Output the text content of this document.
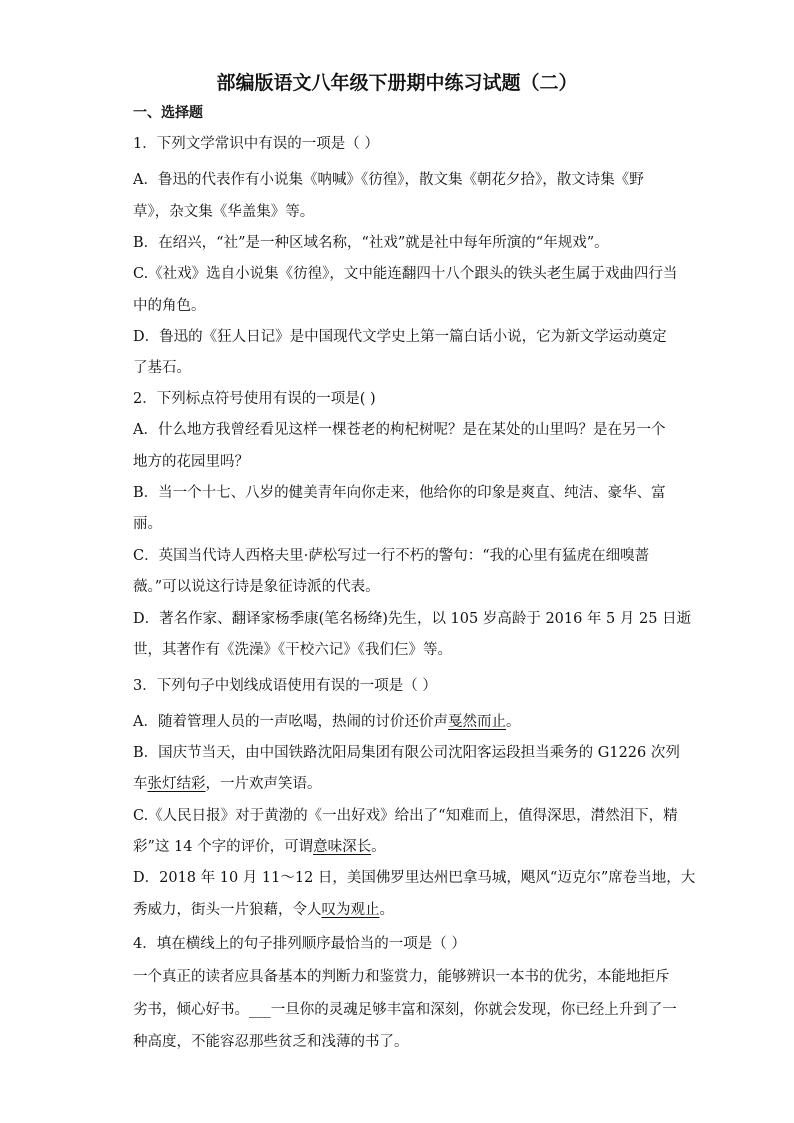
部编版语文八年级下册期中练习试题（二）
一、选择题
1．下列文学常识中有误的一项是（ ）
A．鲁迅的代表作有小说集《呐喊》《彷徨》，散文集《朝花夕拾》，散文诗集《野
草》，杂文集《华盖集》等。
B．在绍兴，“社”是一种区域名称，“社戏”就是社中每年所演的“年规戏”。
C.《社戏》选自小说集《彷徨》，文中能连翻四十八个跟头的铁头老生属于戏曲四行当
中的角色。
D．鲁迅的《狂人日记》是中国现代文学史上第一篇白话小说，它为新文学运动奠定
了基石。
2．下列标点符号使用有误的一项是( )
A．什么地方我曾经看见这样一棵苍老的枸杞树呢？是在某处的山里吗？是在另一个
地方的花园里吗？
B．当一个十七、八岁的健美青年向你走来，他给你的印象是爽直、纯洁、豪华、富
丽。
C．英国当代诗人西格夫里·萨松写过一行不朽的警句：“我的心里有猛虎在细嗅蔷
薇。”可以说这行诗是象征诗派的代表。
D．著名作家、翻译家杨季康(笔名杨绛)先生，以 105 岁高龄于 2016 年 5 月 25 日逝
世，其著作有《洗澡》《干校六记》《我们仨》等。
3．下列句子中划线成语使用有误的一项是（ ）
A．随着管理人员的一声吆喝，热闹的讨价还价声戛然而止。
B．国庆节当天，由中国铁路沈阳局集团有限公司沈阳客运段担当乘务的 G1226 次列
车张灯结彩，一片欢声笑语。
C.《人民日报》对于黄渤的《一出好戏》给出了“知难而上，值得深思，潸然泪下，精
彩”这 14 个字的评价，可谓意味深长。
D．2018 年 10 月 11～12 日，美国佛罗里达州巴拿马城，飓风“迈克尔”席卷当地，大
秀威力，街头一片狼藉，令人叹为观止。
4．填在横线上的句子排列顺序最恰当的一项是（ ）
一个真正的读者应具备基本的判断力和鉴赏力，能够辨识一本书的优劣，本能地拒斥
劣书，倾心好书。___一旦你的灵魂足够丰富和深刻，你就会发现，你已经上升到了一
种高度，不能容忍那些贫乏和浅薄的书了。
